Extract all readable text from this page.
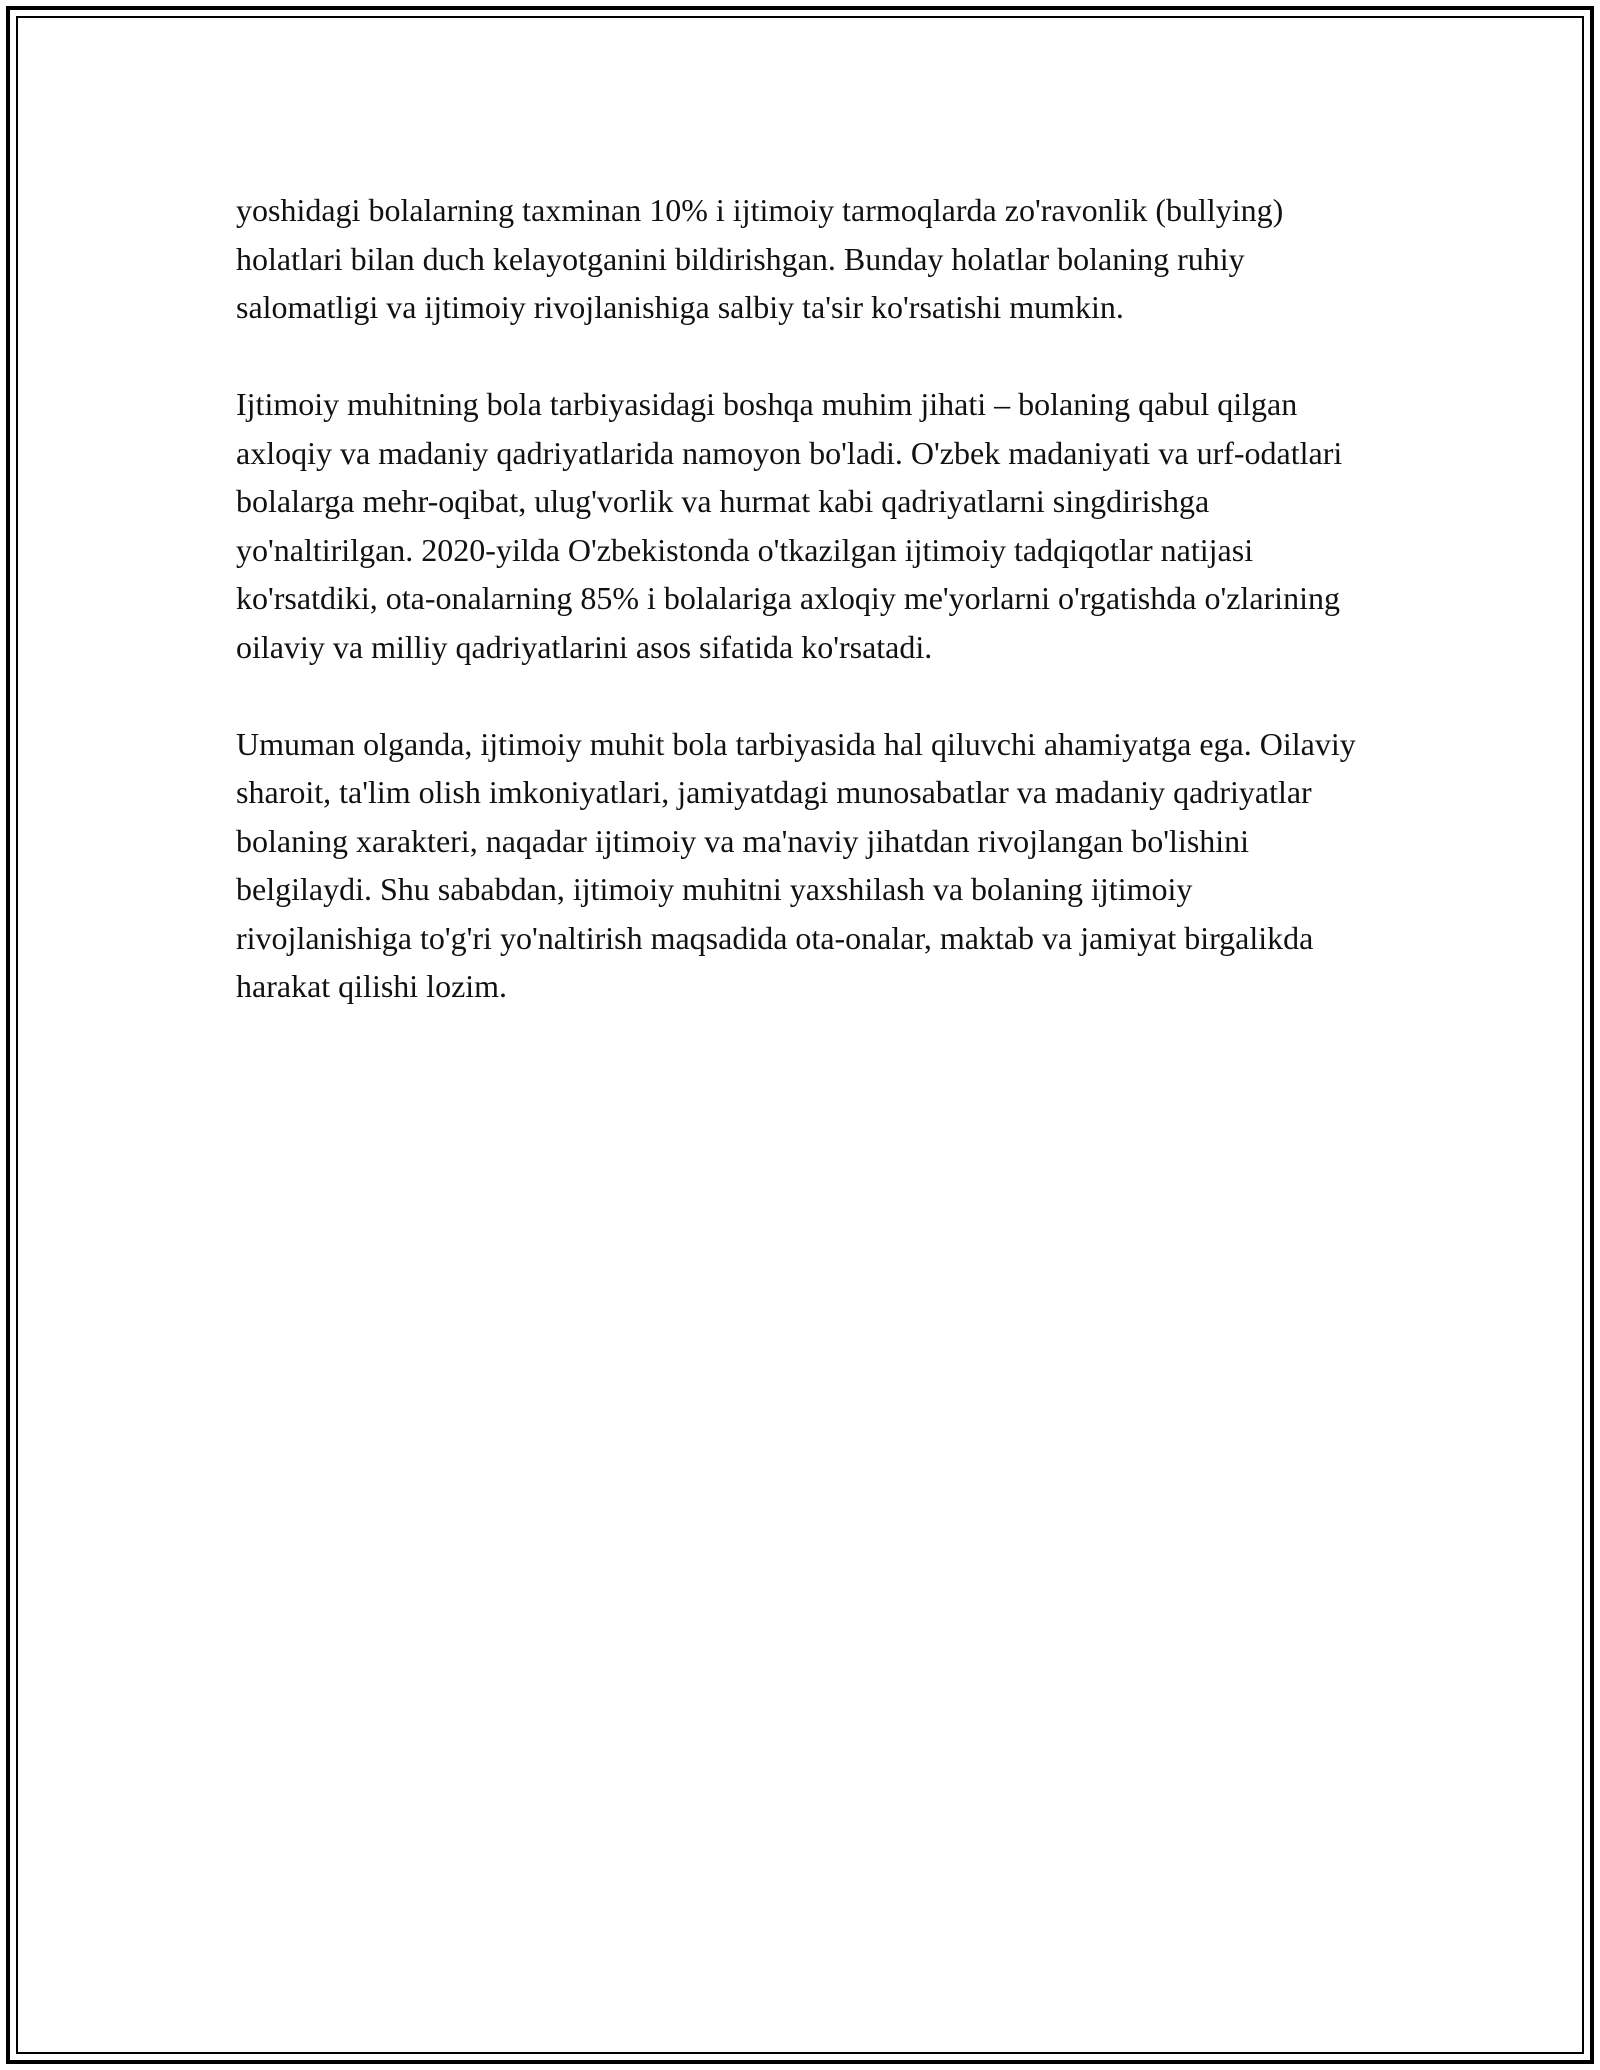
yoshidagi bolalarning taxminan 10% i ijtimoiy tarmoqlarda zo'ravonlik (bullying) holatlari bilan duch kelayotganini bildirishgan. Bunday holatlar bolaning ruhiy salomatligi va ijtimoiy rivojlanishiga salbiy ta'sir ko'rsatishi mumkin.

Ijtimoiy muhitning bola tarbiyasidagi boshqa muhim jihati – bolaning qabul qilgan axloqiy va madaniy qadriyatlarida namoyon bo'ladi. O'zbek madaniyati va urf-odatlari bolalarga mehr-oqibat, ulug'vorlik va hurmat kabi qadriyatlarni singdirishga yo'naltirilgan. 2020-yilda O'zbekistonda o'tkazilgan ijtimoiy tadqiqotlar natijasi ko'rsatdiki, ota-onalarning 85% i bolalariga axloqiy me'yorlarni o'rgatishda o'zlarining oilaviy va milliy qadriyatlarini asos sifatida ko'rsatadi.

Umuman olganda, ijtimoiy muhit bola tarbiyasida hal qiluvchi ahamiyatga ega. Oilaviy sharoit, ta'lim olish imkoniyatlari, jamiyatdagi munosabatlar va madaniy qadriyatlar bolaning xarakteri, naqadar ijtimoiy va ma'naviy jihatdan rivojlangan bo'lishini belgilaydi. Shu sababdan, ijtimoiy muhitni yaxshilash va bolaning ijtimoiy rivojlanishiga to'g'ri yo'naltirish maqsadida ota-onalar, maktab va jamiyat birgalikda harakat qilishi lozim.
